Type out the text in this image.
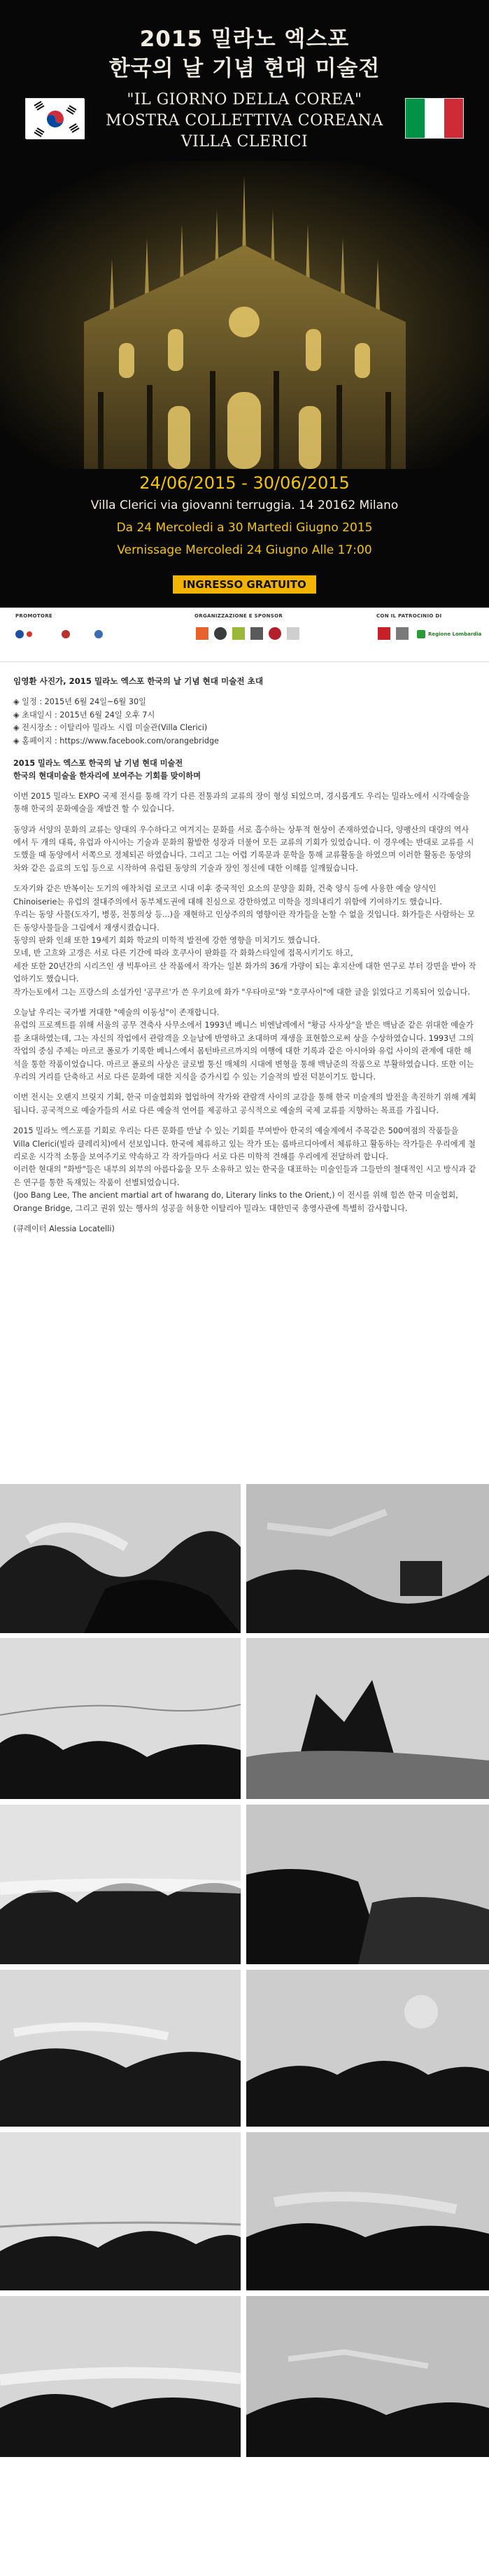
2015 밀라노 엑스포
한국의 날 기념 현대 미술전
"IL GIORNO DELLA COREA"
MOSTRA COLLETTIVA COREANA
VILLA CLERICI
24/06/2015 - 30/06/2015
Villa Clerici via giovanni terruggia. 14 20162 Milano
Da 24 Mercoledi a 30 Martedi Giugno 2015
Vernissage Mercoledi 24 Giugno Alle 17:00
INGRESSO GRATUITO
PROMOTORE	ORGANIZZAZIONE E SPONSOR	CON IL PATROCINIO DI
Regione Lombardia

임영환 사진가, 2015 밀라노 엑스포 한국의 날 기념 현대 미술전 초대

◈ 일정 : 2015년 6월 24일~6월 30일
◈ 초대일시 : 2015년 6월 24일 오후 7시
◈ 전시장소 : 이탈리아 밀라노 시립 미술관(Villa Clerici)
◈ 홈페이지 : https://www.facebook.com/orangebridge
2015 밀라노 엑스포 한국의 날 기념 현대 미술전
한국의 현대미술을 한자리에 보여주는 기회를 맞이하며

이번 2015 밀라노 EXPO 국제 전시를 통해 각기 다른 전통과의 교류의 장이 형성 되었으며, 경시롭게도 우리는 밀라노에서 시각예술을 통해 한국의 문화예술을 재발견 할 수 있습니다.

동양과 서양의 문화의 교류는 양대의 우수하다고 여겨지는 문화를 서로 흡수하는 상투적 현상이 존재하였습니다, 양팽산의 대량의 역사에서 두 개의 대륙, 유럽과 아시아는 기술과 문화의 활발한 성장과 더불어 모든 교류의 기회가 있었습니다. 이 경우에는 반대로 교류를 시도했을 때 동양에서 서쪽으로 정체되곤 하였습니다. 그리고 그는 어렵 기록문과 문학을 통해 교류활동을 하였으며 이러한 활동은 동양의 차와 같은 음료의 도입 등으로 시작하여 유럽된 동양의 기술과 장인 정신에 대한 이해를 일깨웠습니다.

도자기와 같은 반복이는 도기의 애착처럼 로코코 시대 이후 중국적인 요소의 문양을 회화, 건축 양식 등에 사용한 예술 양식인 Chinoiserie는 유럽의 절대주의에서 동부체도권에 대해 친심으로 강한하였고 미학을 정의내리기 위함에 기여하기도 했습니다.

우리는 동양 사물(도자기, 병풍, 전통의상 등...)을 재현하고 인상주의의 영향이란 작가들을 논할 수 없을 것입니다. 화가들은 사람하는 모든 동양사물들을 그림에서 재생시켰습니다.

동양의 판화 인쇄 또한 19세기 회화 학교의 미학적 발전에 강한 영향을 미치기도 했습니다.

모네, 반 고흐와 고갱은 서로 다른 기간에 따라 호쿠사이 판화를 각 화화스타일에 접목시키기도 하고,

세잔 또한 20년간의 시리즈인 생 빅투아르 산 작품에서 작가는 일본 화가의 36개 가량이 되는 후지산에 대한 연구로 부터 강면을 받아 작업하기도 했습니다.

작가는토에서 그는 프랑스의 소설가인 '공쿠르'가 쓴 우키요에 화가 "우타마로"와 "호쿠사이"에 대한 글을 읽었다고 기록되어 있습니다.

오늘날 우리는 국가별 거대한 "예술의 이동성"이 존재합니다.

유럽의 프로젝트를 위해 서울의 공무 견축사 사무소에서 1993년 베니스 비엔날레에서 "황금 사자상"을 받은 백남준 같은 위대한 예술가를 초대하였는데, 그는 자신의 작업에서 관람객을 오늘날에 반영하고 초대하며 재생을 표현함으로써 상을 수상하였습니다. 1993년 그의 작업의 중심 주제는 마르코 폴로가 기록한 베니스에서 몸턴바르르까지의 여행에 대한 기록과 같은 아시아와 유럽 사이의 관계에 대한 해석을 통한 작품이었습니다. 마르코 폴로의 사상은 글로벌 통신 매체의 시대에 변형을 통해 백남준의 작품으로 부활하였습니다. 또한 이는 우리의 거리를 단축하고 서로 다른 문화에 대한 지식을 증가시킬 수 있는 기술적의 발전 덕분이기도 합니다.

이번 전시는 오랜지 브릿지 기획, 한국 미술협회와 협업하여 작가와 관람객 사이의 교감을 통해 한국 미술계의 발전을 촉진하기 위해 계획됩니다. 공국적으로 예술가들의 서로 다른 예술적 언어를 제공하고 공식적으로 예술의 국제 교류를 지향하는 목표를 가집니다.

2015 밀라노 엑스포를 기회로 우리는 다른 문화를 만날 수 있는 기회를 부여받아 한국의 예술계에서 주목같은 500여점의 작품들을 Villa Clerici(빌라 클레리치)에서 선보입니다. 한국에 체류하고 있는 작가 또는 롬바르디아에서 체류하고 활동하는 작가들은 우리에게 철리로운 시각적 소통을 보여주기로 약속하고 각 작가들마다 서로 다른 미학적 견해를 우리에게 전달하려 합니다.

이러한 현대의 "화방"들은 내부의 외부의 아름다움을 모두 소유하고 있는 한국을 대표하는 미술인들과 그들만의 철대적인 시고 방식과 같은 연구를 통한 독재있는 작품이 선별되었습니다.

(Joo Bang Lee, The ancient martial art of hwarang do, Literary links to the Orient,) 이 전시를 위해 힘쓴 한국 미술협회, Orange Bridge, 그리고 권위 있는 행사의 성공을 허용한 이탈리아 밀라노 대한민국 총영사관에 특별히 감사합니다.

(큐레이터 Alessia Locatelli)
